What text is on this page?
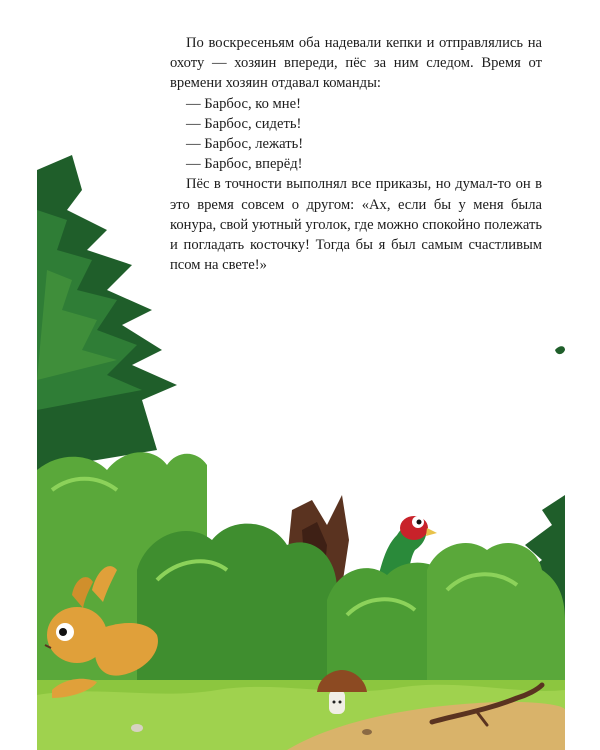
По воскресеньям оба надевали кепки и отправлялись на охоту — хозяин впереди, пёс за ним следом. Время от времени хозяин отдавал команды:

— Барбос, ко мне!

— Барбос, сидеть!

— Барбос, лежать!

— Барбос, вперёд!

Пёс в точности выполнял все приказы, но думал-то он в это время совсем о другом: «Ах, если бы у меня была конура, свой уютный уголок, где можно спокойно полежать и погладать косточку! Тогда бы я был самым счастливым псом на свете!»
